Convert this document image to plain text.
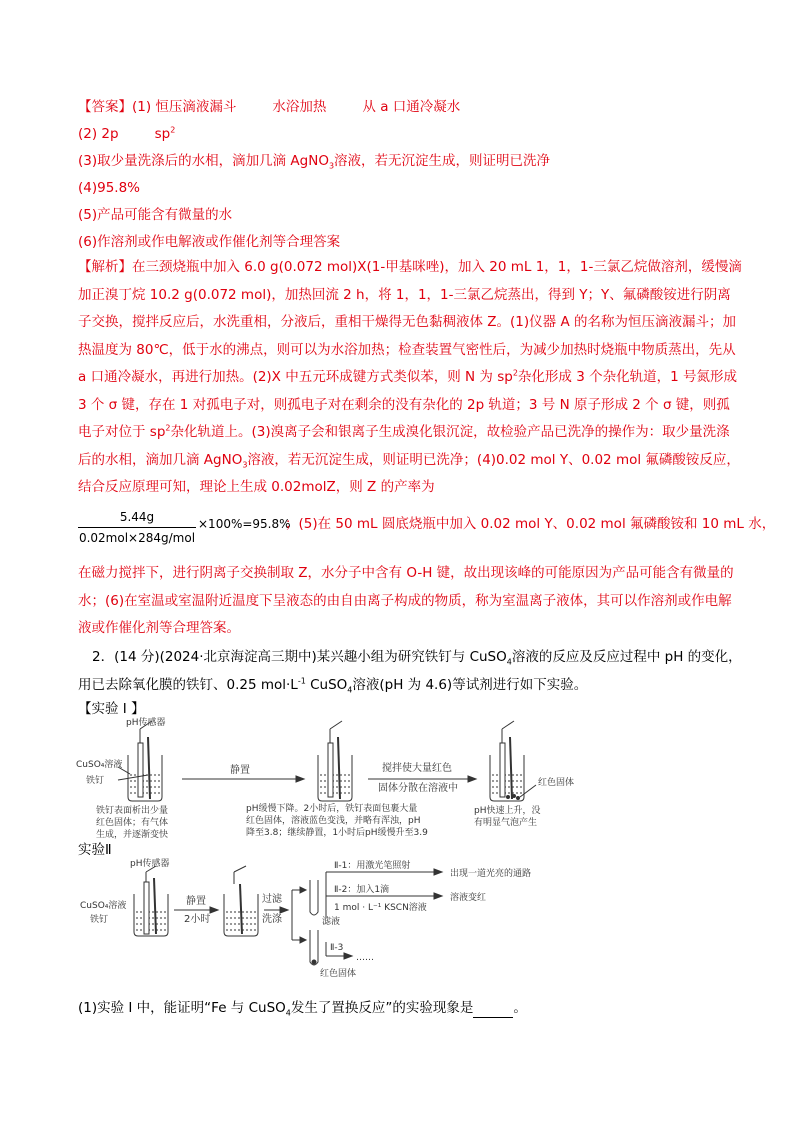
【答案】(1) 恒压滴液漏斗	水浴加热	从 a 口通冷凝水
(2) 2p	$sp^2$
(3)取少量洗涤后的水相，滴加几滴 AgNO$_3$溶液，若无沉淀生成，则证明已洗净
(4)95.8%
(5)产品可能含有微量的水
(6)作溶剂或作电解液或作催化剂等合理答案
【解析】在三颈烧瓶中加入 6.0 g(0.072 mol)X(1-甲基咪唑)，加入 20 mL 1，1，1-三氯乙烷做溶剂，缓慢滴加正溴丁烷 10.2 g(0.072 mol)，加热回流 2 h，将 1，1，1-三氯乙烷蒸出，得到 Y；Y、氟磷酸铵进行阴离子交换，搅拌反应后，水洗重相，分液后，重相干燥得无色黏稠液体 Z。(1)仪器 A 的名称为恒压滴液漏斗；加热温度为 80℃，低于水的沸点，则可以为水浴加热；检查装置气密性后，为减少加热时烧瓶中物质蒸出，先从 a 口通冷凝水，再进行加热。(2)X 中五元环成键方式类似苯，则 N 为 $sp^2$杂化形成 3 个杂化轨道，1 号氮形成 3 个 σ 键，存在 1 对孤电子对，则孤电子对在剩余的没有杂化的 2p 轨道；3 号 N 原子形成 2 个 σ 键，则孤电子对位于 $sp^2$杂化轨道上。(3)溴离子会和银离子生成溴化银沉淀，故检验产品已洗净的操作为：取少量洗涤后的水相，滴加几滴 AgNO$_3$溶液，若无沉淀生成，则证明已洗净；(4)0.02 mol Y、0.02 mol 氟磷酸铵反应，结合反应原理可知，理论上生成 0.02molZ，则 Z 的产率为
5.44g
0.02mol×284g/mol
×100%=95.8%
；(5)在 50 mL 圆底烧瓶中加入 0.02 mol Y、0.02 mol 氟磷酸铵和 10 mL 水，
在磁力搅拌下，进行阴离子交换制取 Z，水分子中含有 O-H 键，故出现该峰的可能原因为产品可能含有微量的水；(6)在室温或室温附近温度下呈液态的由自由离子构成的物质，称为室温离子液体，其可以作溶剂或作电解液或作催化剂等合理答案。
2．(14 分)(2024·北京海淀高三期中)某兴趣小组为研究铁钉与 CuSO$_4$溶液的反应及反应过程中 pH 的变化，用已去除氧化膜的铁钉、0.25 $mol\cdot L^{-1}$ CuSO$_4$溶液(pH 为 4.6)等试剂进行如下实验。
【实验 I 】
pH传感器
CuSO₄溶液
铁钉
静置	搅拌使大量红色
固体分散在溶液中	红色固体
铁钉表面析出少量
红色固体；有气体
生成，并逐渐变快
pH缓慢下降。2小时后，铁钉表面包裹大量
红色固体，溶液蓝色变浅，并略有浑浊，pH
降至3.8；继续静置，1小时后pH缓慢升至3.9
pH快速上升，没
有明显气泡产生
实验Ⅱ
pH传感器
CuSO₄溶液
铁钉
静置
2小时
过滤
洗涤	滤液
红色固体
Ⅱ-1：用激光笔照射
出现一道光亮的通路
Ⅱ-2：加入1滴
1 mol · L⁻¹ KSCN溶液
溶液变红
Ⅱ-3
……
(1)实验 I 中，能证明“Fe 与 CuSO$_4$发生了置换反应”的实验现象是	。
